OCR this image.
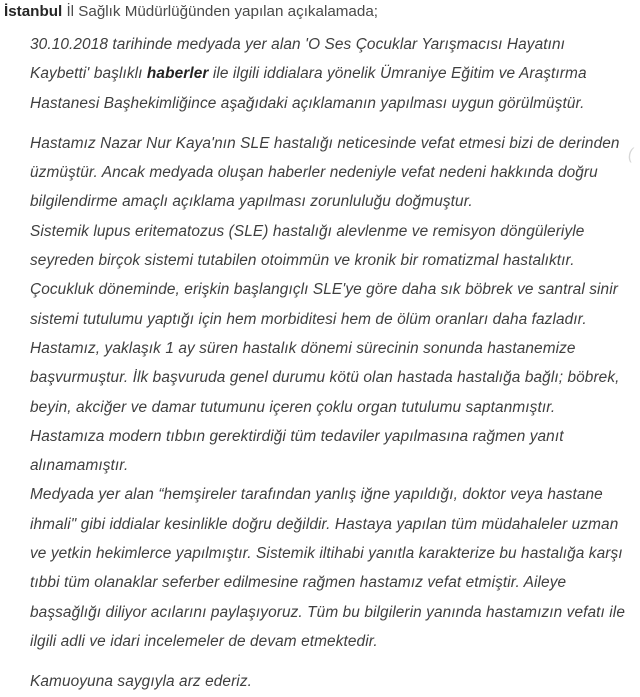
İstanbul İl Sağlık Müdürlüğünden yapılan açıkalamada;

30.10.2018 tarihinde medyada yer alan 'O Ses Çocuklar Yarışmacısı Hayatını Kaybetti' başlıklı haberler ile ilgili iddialara yönelik Ümraniye Eğitim ve Araştırma Hastanesi Başhekimliğince aşağıdaki açıklamanın yapılması uygun görülmüştür.

Hastamız Nazar Nur Kaya'nın SLE hastalığı neticesinde vefat etmesi bizi de derinden üzmüştür. Ancak medyada oluşan haberler nedeniyle vefat nedeni hakkında doğru bilgilendirme amaçlı açıklama yapılması zorunluluğu doğmuştur.

Sistemik lupus eritematozus (SLE) hastalığı alevlenme ve remisyon döngüleriyle seyreden birçok sistemi tutabilen otoimmün ve kronik bir romatizmal hastalıktır. Çocukluk döneminde, erişkin başlangıçlı SLE'ye göre daha sık böbrek ve santral sinir sistemi tutulumu yaptığı için hem morbiditesi hem de ölüm oranları daha fazladır.

Hastamız, yaklaşık 1 ay süren hastalık dönemi sürecinin sonunda hastanemize başvurmuştur. İlk başvuruda genel durumu kötü olan hastada hastalığa bağlı; böbrek, beyin, akciğer ve damar tutumunu içeren çoklu organ tutulumu saptanmıştır. Hastamıza modern tıbbın gerektirdiği tüm tedaviler yapılmasına rağmen yanıt alınamamıştır.

Medyada yer alan “hemşireler tarafından yanlış iğne yapıldığı, doktor veya hastane ihmali" gibi iddialar kesinlikle doğru değildir. Hastaya yapılan tüm müdahaleler uzman ve yetkin hekimlerce yapılmıştır. Sistemik iltihabi yanıtla karakterize bu hastalığa karşı tıbbi tüm olanaklar seferber edilmesine rağmen hastamız vefat etmiştir. Aileye başsağlığı diliyor acılarını paylaşıyoruz. Tüm bu bilgilerin yanında hastamızın vefatı ile ilgili adli ve idari incelemeler de devam etmektedir.

Kamuoyuna saygıyla arz ederiz.

(
